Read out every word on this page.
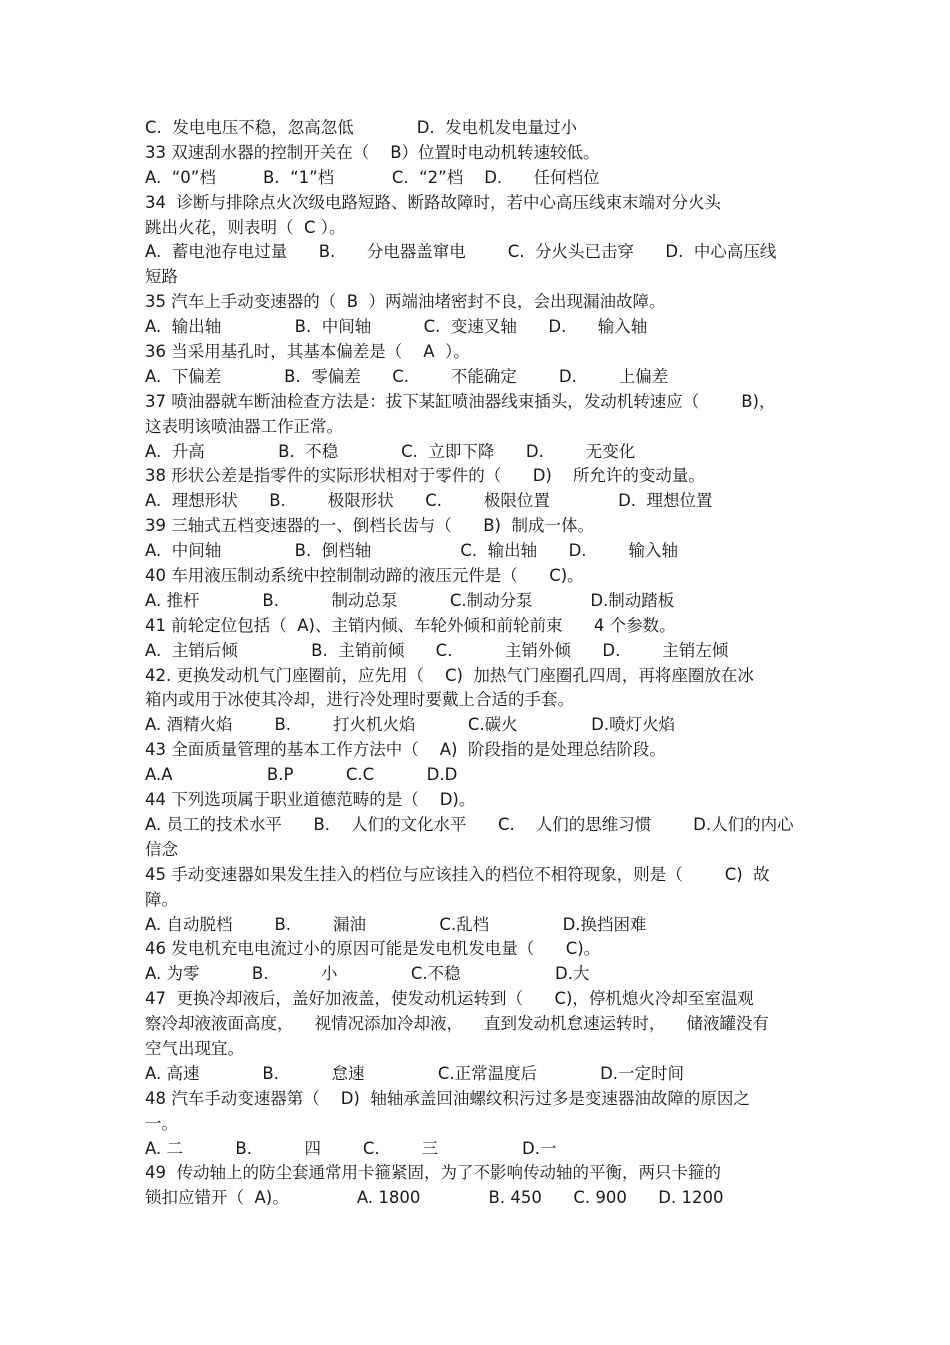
C.  发电电压不稳，忽高忽低            D.  发电机发电量过小
33 双速刮水器的控制开关在（    B）位置时电动机转速较低。
A.  “0”档         B.  “1”档           C.  “2”档    D.      任何档位
34  诊断与排除点火次级电路短路、断路故障时，若中心高压线束末端对分火头
跳出火花，则表明（  C ）。
A.  蓄电池存电过量      B.      分电器盖窜电        C.  分火头已击穿      D.  中心高压线
短路
35 汽车上手动变速器的（  B  ）两端油堵密封不良，会出现漏油故障。
A.  输出轴              B.  中间轴          C.  变速叉轴      D.      输入轴
36 当采用基孔时，其基本偏差是（    A  ）。
A.  下偏差            B.  零偏差      C.        不能确定        D.        上偏差
37 喷油器就车断油检查方法是：拔下某缸喷油器线束插头，发动机转速应（        B)，
这表明该喷油器工作正常。
A.  升高              B.  不稳            C.  立即下降      D.        无变化
38 形状公差是指零件的实际形状相对于零件的（      D)    所允许的变动量。
A.  理想形状      B.        极限形状      C.        极限位置             D.  理想位置
39 三轴式五档变速器的一、倒档长齿与（      B)  制成一体。
A.  中间轴              B.  倒档轴                 C.  输出轴      D.        输入轴
40 车用液压制动系统中控制制动蹄的液压元件是（      C)。
A. 推杆            B.          制动总泵          C.制动分泵           D.制动踏板
41 前轮定位包括（  A)、主销内倾、车轮外倾和前轮前束      4 个参数。
A.  主销后倾              B.  主销前倾      C.          主销外倾      D.        主销左倾
42. 更换发动机气门座圈前，应先用（    C)  加热气门座圈孔四周，再将座圈放在冰
箱内或用于冰使其冷却，进行冷处理时要戴上合适的手套。
A. 酒精火焰        B.        打火机火焰          C.碳火              D.喷灯火焰
43 全面质量管理的基本工作方法中（    A)  阶段指的是处理总结阶段。
A.A                  B.P          C.C          D.D
44 下列选项属于职业道德范畴的是（    D)。
A. 员工的技术水平      B.    人们的文化水平      C.    人们的思维习惯        D.人们的内心
信念
45 手动变速器如果发生挂入的档位与应该挂入的档位不相符现象，则是（        C)  故
障。
A. 自动脱档        B.        漏油              C.乱档              D.换挡困难
46 发电机充电电流过小的原因可能是发电机发电量（      C)。
A. 为零          B.          小              C.不稳                  D.大
47  更换冷却液后，盖好加液盖，使发动机运转到（      C)，停机熄火冷却至室温观
察冷却液液面高度，    视情况添加冷却液，    直到发动机怠速运转时，    储液罐没有
空气出现宜。
A. 高速            B.          怠速              C.正常温度后            D.一定时间
48 汽车手动变速器第（    D)  轴轴承盖回油螺纹积污过多是变速器油故障的原因之
一。
A. 二          B.          四        C.        三                D.一
49  传动轴上的防尘套通常用卡箍紧固，为了不影响传动轴的平衡，两只卡箍的
锁扣应错开（  A)。             A. 1800             B. 450      C. 900      D. 1200
